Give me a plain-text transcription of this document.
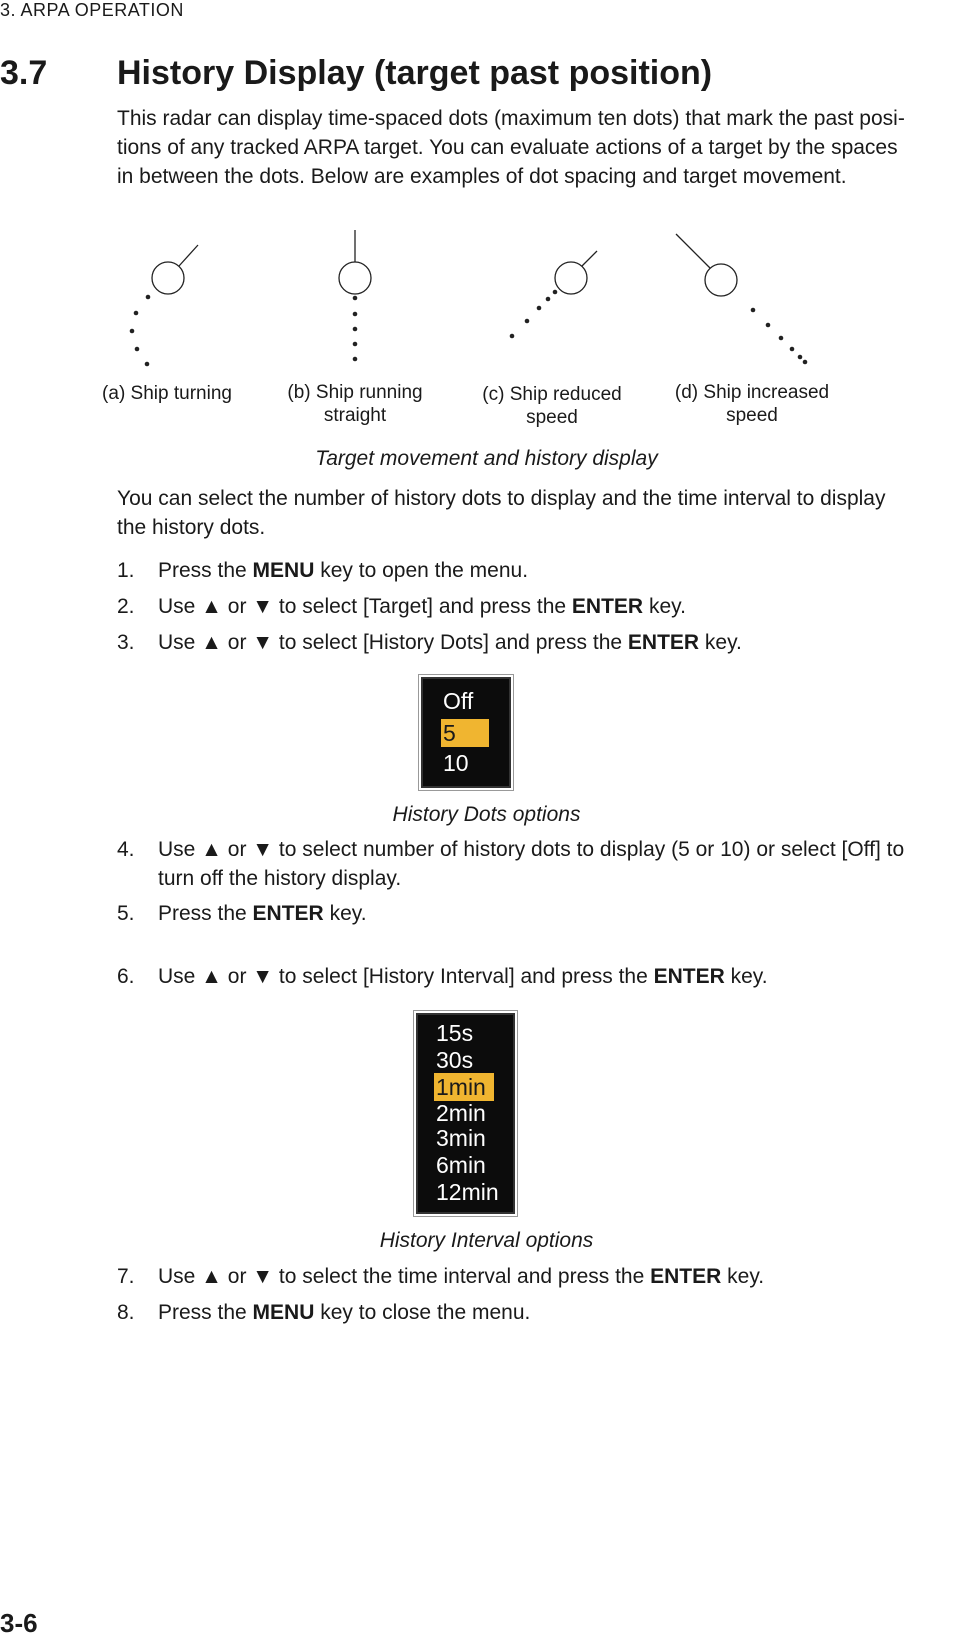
3. ARPA OPERATION
3.7 History Display (target past position)
This radar can display time-spaced dots (maximum ten dots) that mark the past posi-
tions of any tracked ARPA target. You can evaluate actions of a target by the spaces
in between the dots. Below are examples of dot spacing and target movement.
(a) Ship turning	(b) Ship running
straight
(c) Ship reduced
speed
(d) Ship increased
speed
Target movement and history display
You can select the number of history dots to display and the time interval to display
the history dots.
1. Press the MENU key to open the menu.
2. Use ▲ or ▼ to select [Target] and press the ENTER key.
3. Use ▲ or ▼ to select [History Dots] and press the ENTER key.
Off
5
10
History Dots options
4. Use ▲ or ▼ to select number of history dots to display (5 or 10) or select [Off] to
turn off the history display.
5. Press the ENTER key.
6. Use ▲ or ▼ to select [History Interval] and press the ENTER key.
15s
30s
1min
2min
3min
6min
12min
History Interval options
7. Use ▲ or ▼ to select the time interval and press the ENTER key.
8. Press the MENU key to close the menu.
3-6
